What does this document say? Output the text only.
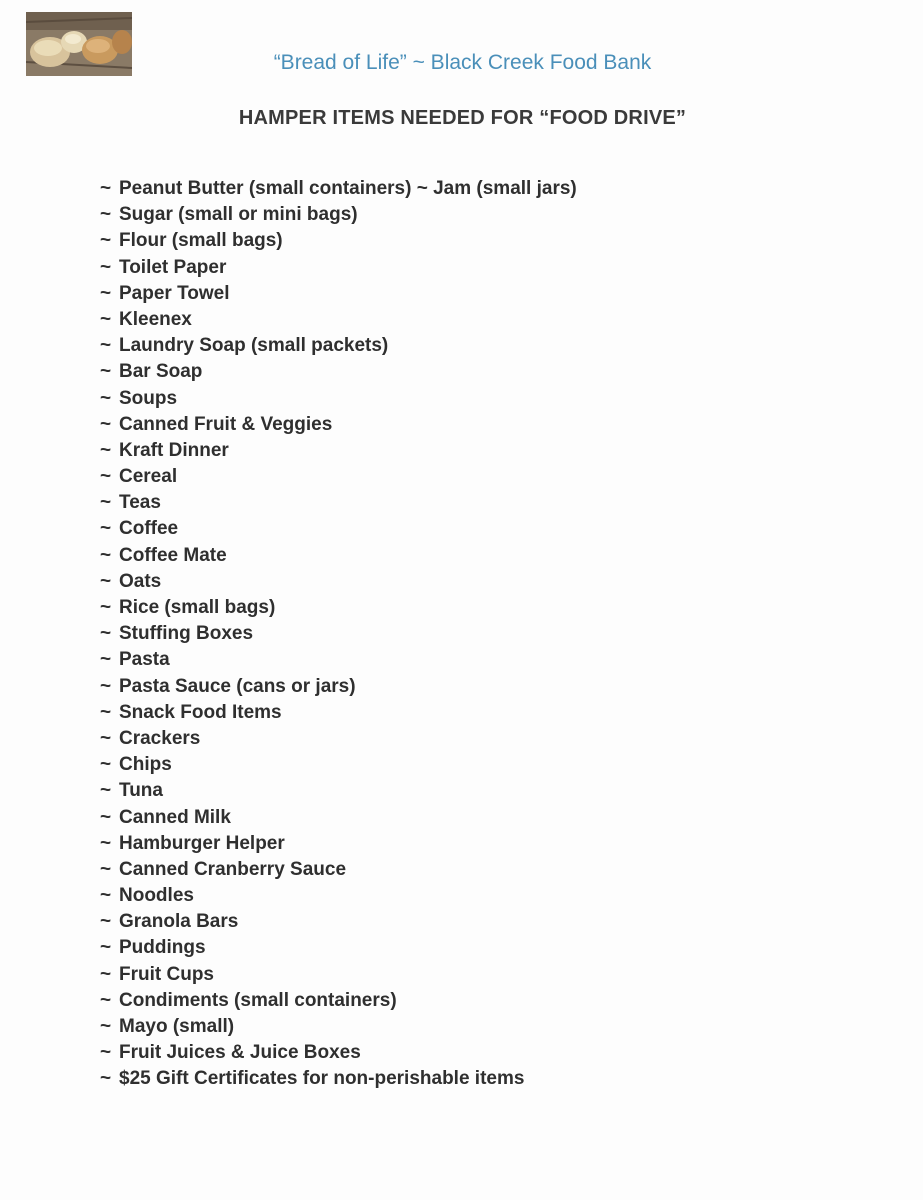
“Bread of Life” ~ Black Creek Food Bank
HAMPER ITEMS NEEDED FOR “FOOD DRIVE”
~ Peanut Butter (small containers) ~ Jam (small jars)
~ Sugar (small or mini bags)
~ Flour (small bags)
~ Toilet Paper
~ Paper Towel
~ Kleenex
~ Laundry Soap (small packets)
~ Bar Soap
~ Soups
~ Canned Fruit & Veggies
~ Kraft Dinner
~ Cereal
~ Teas
~ Coffee
~ Coffee Mate
~ Oats
~ Rice (small bags)
~ Stuffing Boxes
~ Pasta
~ Pasta Sauce (cans or jars)
~ Snack Food Items
~ Crackers
~ Chips
~ Tuna
~ Canned Milk
~ Hamburger Helper
~ Canned Cranberry Sauce
~ Noodles
~ Granola Bars
~ Puddings
~ Fruit Cups
~ Condiments (small containers)
~ Mayo (small)
~ Fruit Juices & Juice Boxes
~ $25 Gift Certificates for non-perishable items
